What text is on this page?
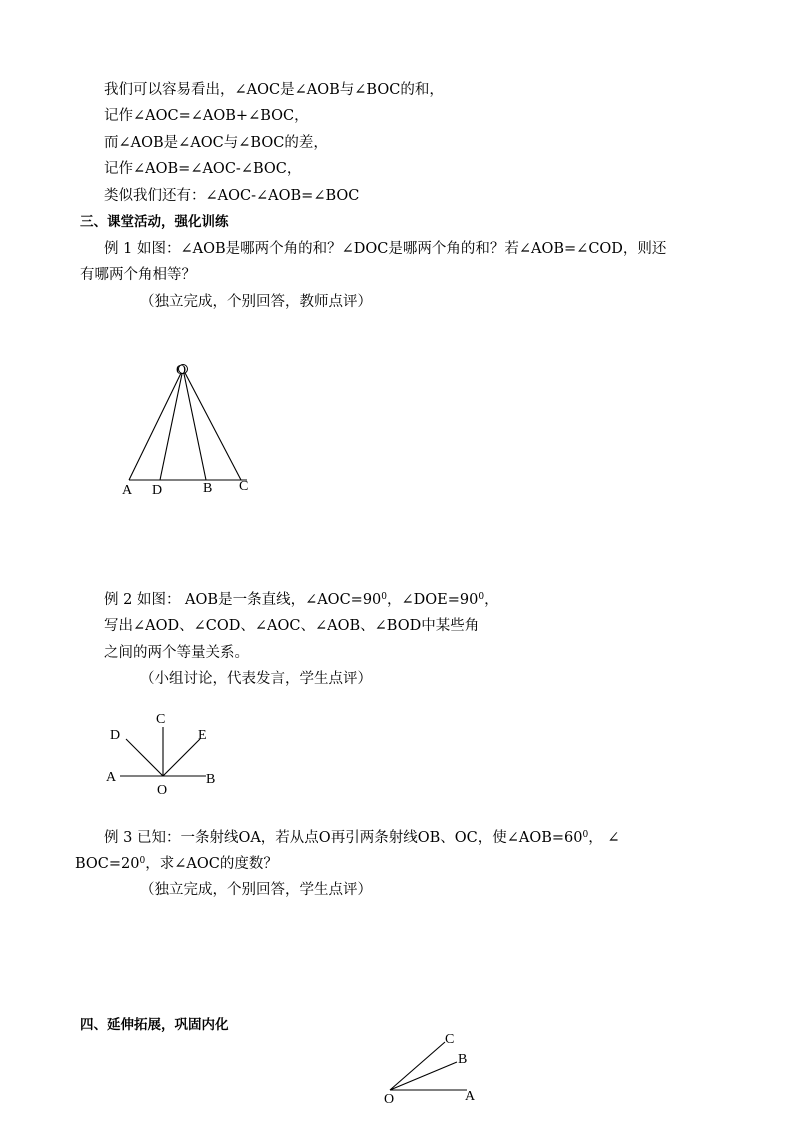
我们可以容易看出，∠AOC是∠AOB与∠BOC的和，
记作∠AOC=∠AOB+∠BOC，
而∠AOB是∠AOC与∠BOC的差，
记作∠AOB=∠AOC-∠BOC，
类似我们还有：∠AOC-∠AOB=∠BOC
三、课堂活动，强化训练
例 1 如图：∠AOB是哪两个角的和？∠DOC是哪两个角的和？若∠AOB=∠COD，则还
有哪两个角相等？
（独立完成，个别回答，教师点评）
O
A D	B C
例 2 如图： AOB是一条直线，$\angle AOC=90^0$，$\angle DOE=90^0$，
写出∠AOD、∠COD、∠AOC、∠AOB、∠BOD中某些角
之间的两个等量关系。
（小组讨论，代表发言，学生点评）
C
D	E
A
O
B
例 3 已知：一条射线OA，若从点O再引两条射线OB、OC，使$\angle AOB=60^0$， ∠
$BOC=20^0$，求∠AOC的度数？
（独立完成，个别回答，学生点评）
四、延伸拓展，巩固内化
C
B
O	A
